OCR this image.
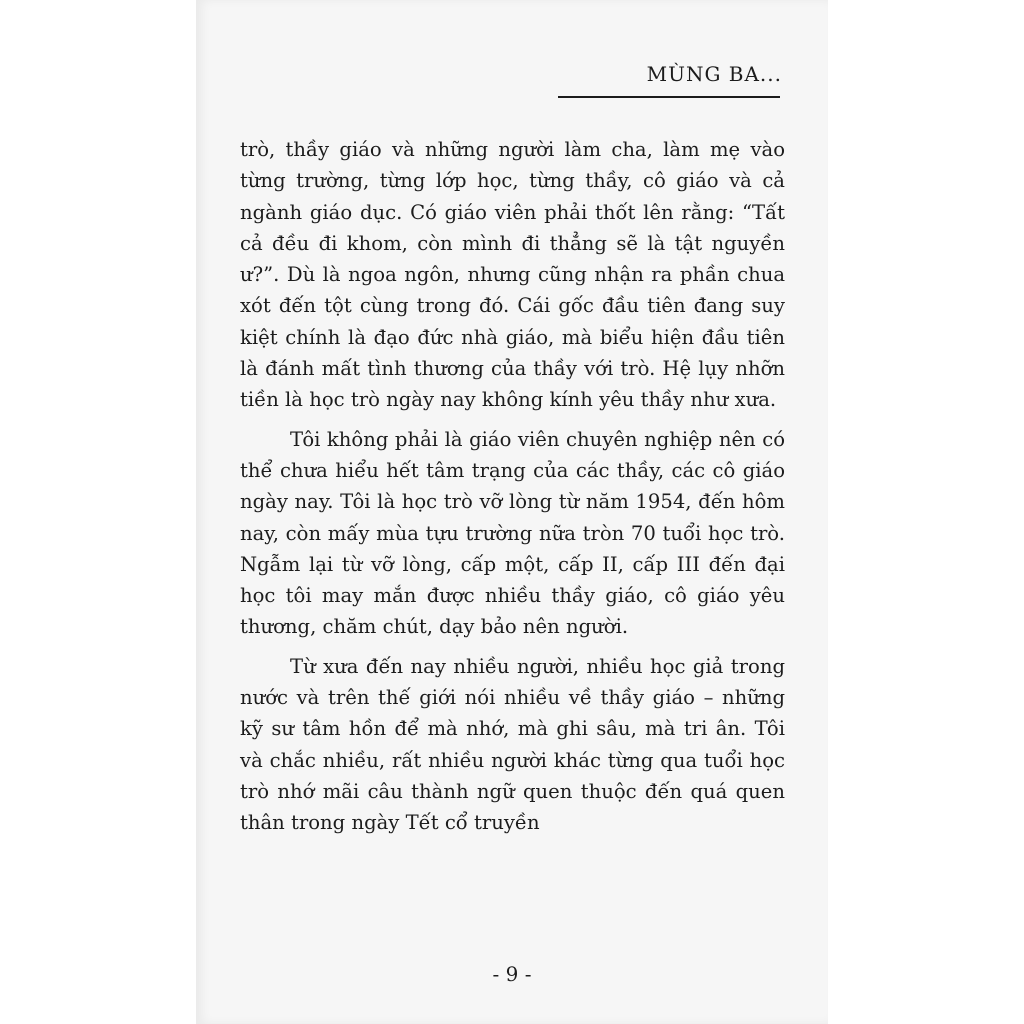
MÙNG BA...

trò, thầy giáo và những người làm cha, làm mẹ vào từng trường, từng lớp học, từng thầy, cô giáo và cả ngành giáo dục. Có giáo viên phải thốt lên rằng: “Tất cả đều đi khom, còn mình đi thẳng sẽ là tật nguyền ư?”. Dù là ngoa ngôn, nhưng cũng nhận ra phần chua xót đến tột cùng trong đó. Cái gốc đầu tiên đang suy kiệt chính là đạo đức nhà giáo, mà biểu hiện đầu tiên là đánh mất tình thương của thầy với trò. Hệ lụy nhỡn tiền là học trò ngày nay không kính yêu thầy như xưa.

Tôi không phải là giáo viên chuyên nghiệp nên có thể chưa hiểu hết tâm trạng của các thầy, các cô giáo ngày nay. Tôi là học trò vỡ lòng từ năm 1954, đến hôm nay, còn mấy mùa tựu trường nữa tròn 70 tuổi học trò. Ngẫm lại từ vỡ lòng, cấp một, cấp II, cấp III đến đại học tôi may mắn được nhiều thầy giáo, cô giáo yêu thương, chăm chút, dạy bảo nên người.

Từ xưa đến nay nhiều người, nhiều học giả trong nước và trên thế giới nói nhiều về thầy giáo – những kỹ sư tâm hồn để mà nhớ, mà ghi sâu, mà tri ân. Tôi và chắc nhiều, rất nhiều người khác từng qua tuổi học trò nhớ mãi câu thành ngữ quen thuộc đến quá quen thân trong ngày Tết cổ truyền

- 9 -
